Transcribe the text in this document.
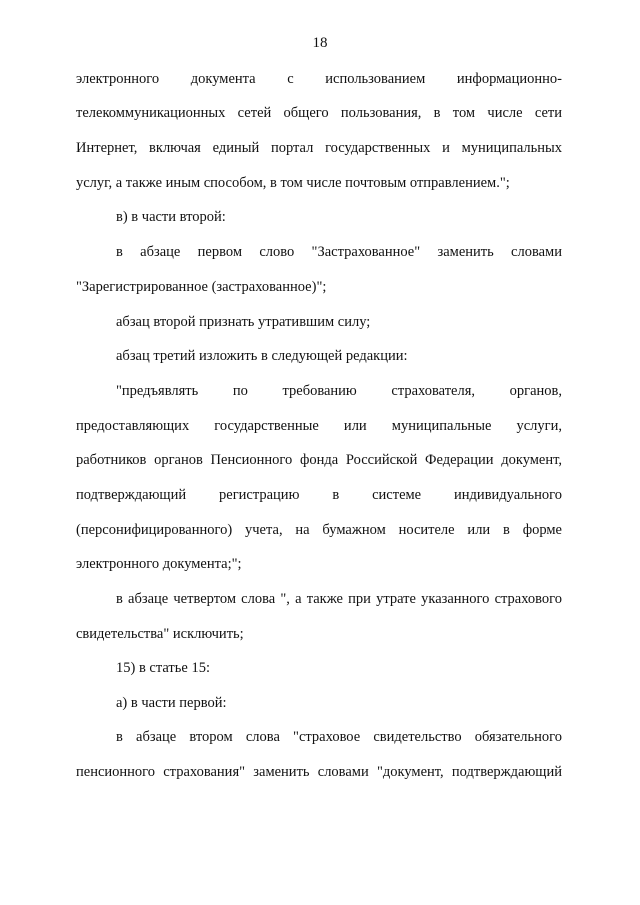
18
электронного документа с использованием информационно-
телекоммуникационных сетей общего пользования, в том числе сети
Интернет, включая единый портал государственных и муниципальных
услуг, а также иным способом, в том числе почтовым отправлением.";
в) в части второй:
в абзаце первом слово "Застрахованное" заменить словами
"Зарегистрированное (застрахованное)";
абзац второй признать утратившим силу;
абзац третий изложить в следующей редакции:
"предъявлять по требованию страхователя, органов,
предоставляющих государственные или муниципальные услуги,
работников органов Пенсионного фонда Российской Федерации документ,
подтверждающий регистрацию в системе индивидуального
(персонифицированного) учета, на бумажном носителе или в форме
электронного документа;";
в абзаце четвертом слова ", а также при утрате указанного страхового
свидетельства" исключить;
15) в статье 15:
а) в части первой:
в абзаце втором слова "страховое свидетельство обязательного
пенсионного страхования" заменить словами "документ, подтверждающий
